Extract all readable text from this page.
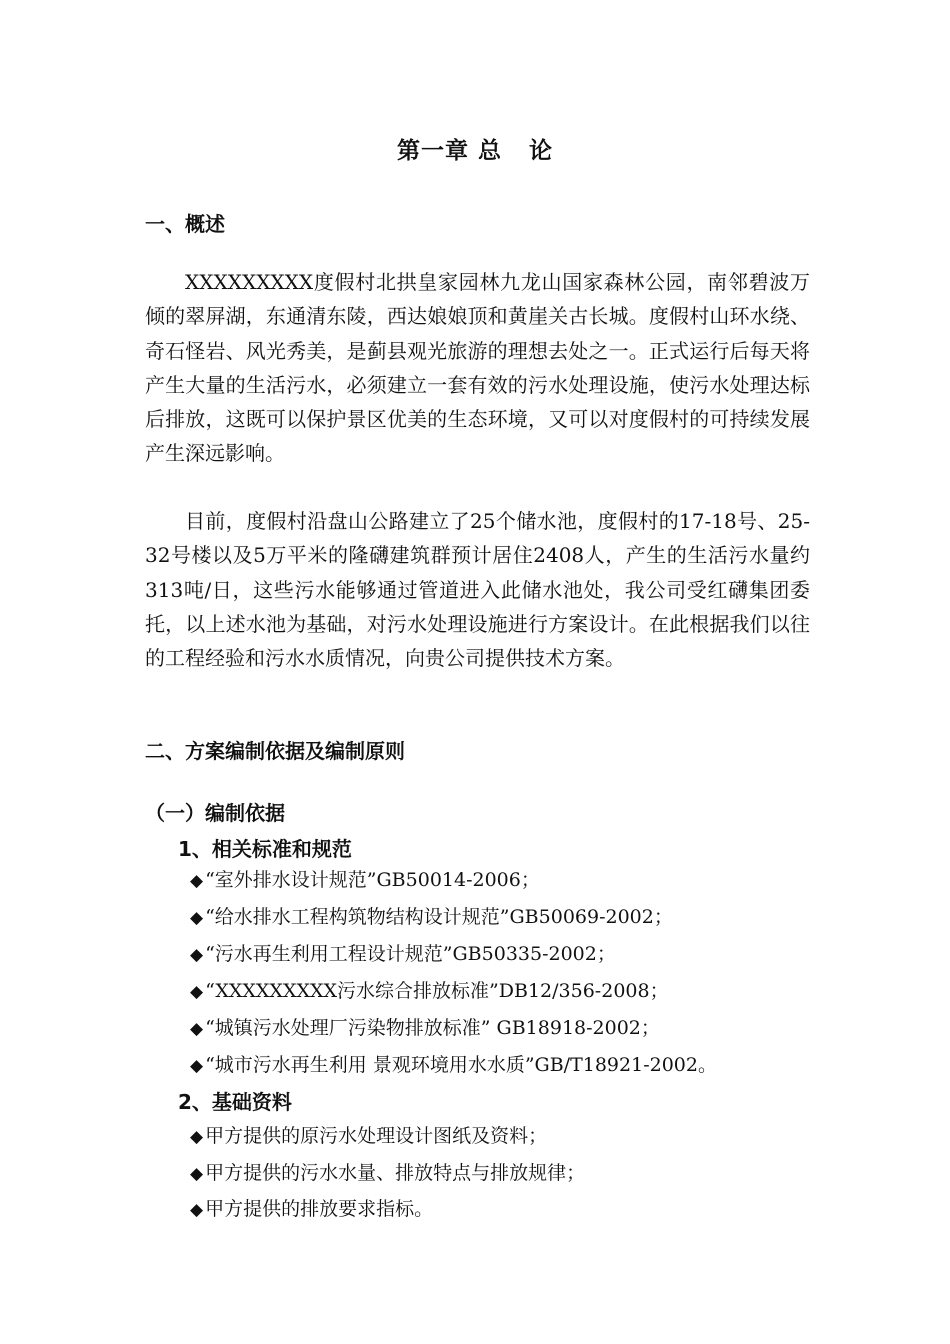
第一章 总   论
一、概述

XXXXXXXXX度假村北拱皇家园林九龙山国家森林公园，南邻碧波万倾的翠屏湖，东通清东陵，西达娘娘顶和黄崖关古长城。度假村山环水绕、奇石怪岩、风光秀美，是蓟县观光旅游的理想去处之一。正式运行后每天将产生大量的生活污水，必须建立一套有效的污水处理设施，使污水处理达标后排放，这既可以保护景区优美的生态环境，又可以对度假村的可持续发展产生深远影响。

目前，度假村沿盘山公路建立了25个储水池，度假村的17-18号、25-32号楼以及5万平米的隆礴建筑群预计居住2408人，产生的生活污水量约313吨/日，这些污水能够通过管道进入此储水池处，我公司受红礴集团委托，以上述水池为基础，对污水处理设施进行方案设计。在此根据我们以往的工程经验和污水水质情况，向贵公司提供技术方案。

二、方案编制依据及编制原则
（一）编制依据
1、相关标准和规范
◆ “室外排水设计规范”GB50014-2006；
◆ “给水排水工程构筑物结构设计规范”GB50069-2002；
◆ “污水再生利用工程设计规范”GB50335-2002；
◆ “XXXXXXXXX污水综合排放标准”DB12/356-2008；
◆ “城镇污水处理厂污染物排放标准” GB18918-2002；
◆ “城市污水再生利用 景观环境用水水质”GB/T18921-2002。
2、基础资料
◆ 甲方提供的原污水处理设计图纸及资料；
◆ 甲方提供的污水水量、排放特点与排放规律；
◆ 甲方提供的排放要求指标。
